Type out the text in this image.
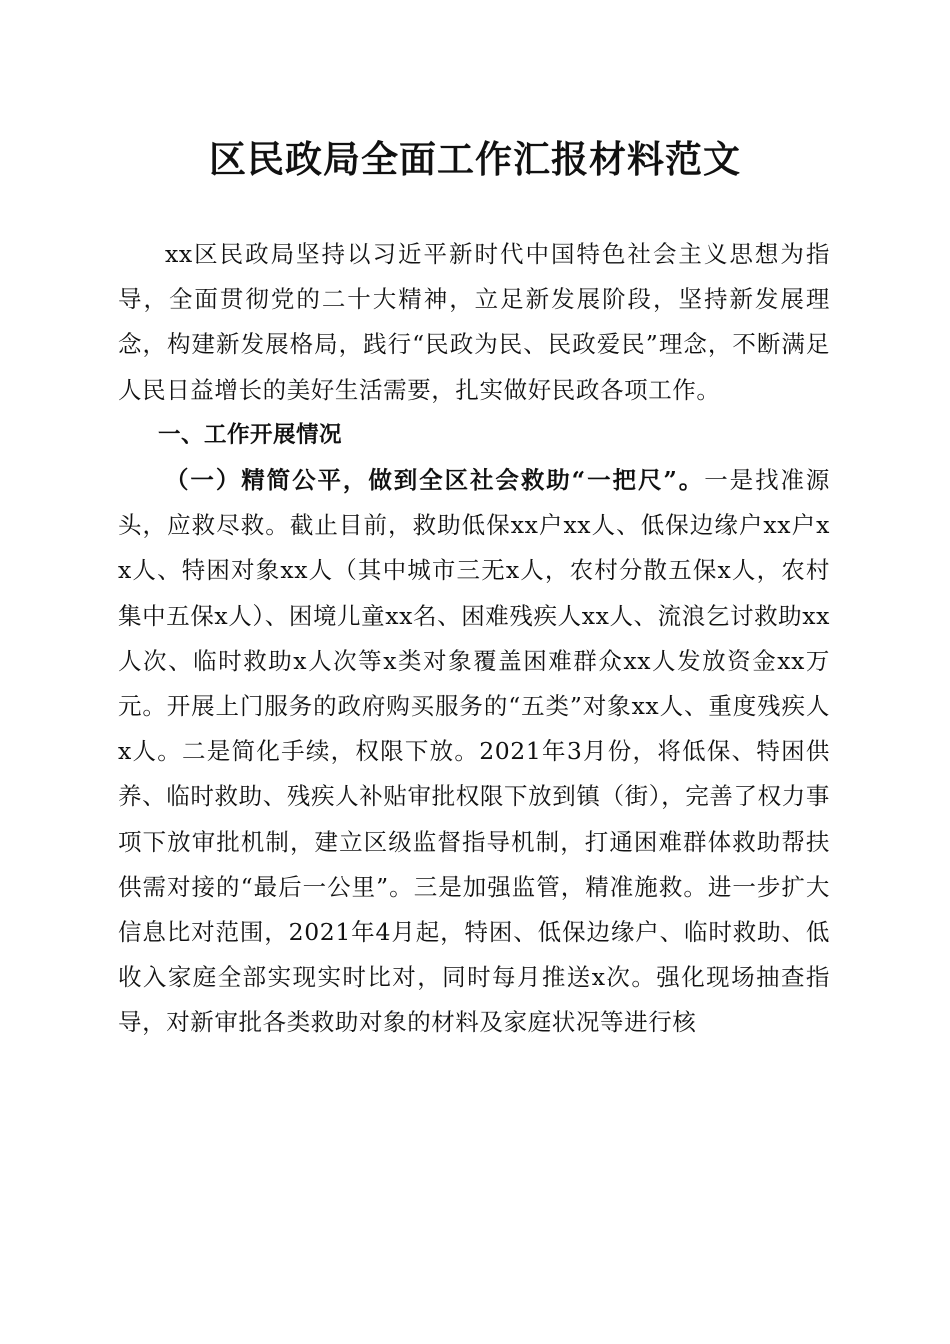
区民政局全面工作汇报材料范文

xx区民政局坚持以习近平新时代中国特色社会主义思想为指导，全面贯彻党的二十大精神，立足新发展阶段，坚持新发展理念，构建新发展格局，践行“民政为民、民政爱民”理念，不断满足人民日益增长的美好生活需要，扎实做好民政各项工作。

一、工作开展情况

（一）精简公平，做到全区社会救助“一把尺”。一是找准源头，应救尽救。截止目前，救助低保xx户xx人、低保边缘户xx户xx人、特困对象xx人（其中城市三无x人，农村分散五保x人，农村集中五保x人）、困境儿童xx名、困难残疾人xx人、流浪乞讨救助xx人次、临时救助x人次等x类对象覆盖困难群众xx人发放资金xx万元。开展上门服务的政府购买服务的“五类”对象xx人、重度残疾人x人。二是简化手续，权限下放。2021年3月份，将低保、特困供养、临时救助、残疾人补贴审批权限下放到镇（街），完善了权力事项下放审批机制，建立区级监督指导机制，打通困难群体救助帮扶供需对接的“最后一公里”。三是加强监管，精准施救。进一步扩大信息比对范围，2021年4月起，特困、低保边缘户、临时救助、低收入家庭全部实现实时比对，同时每月推送x次。强化现场抽查指导，对新审批各类救助对象的材料及家庭状况等进行核
